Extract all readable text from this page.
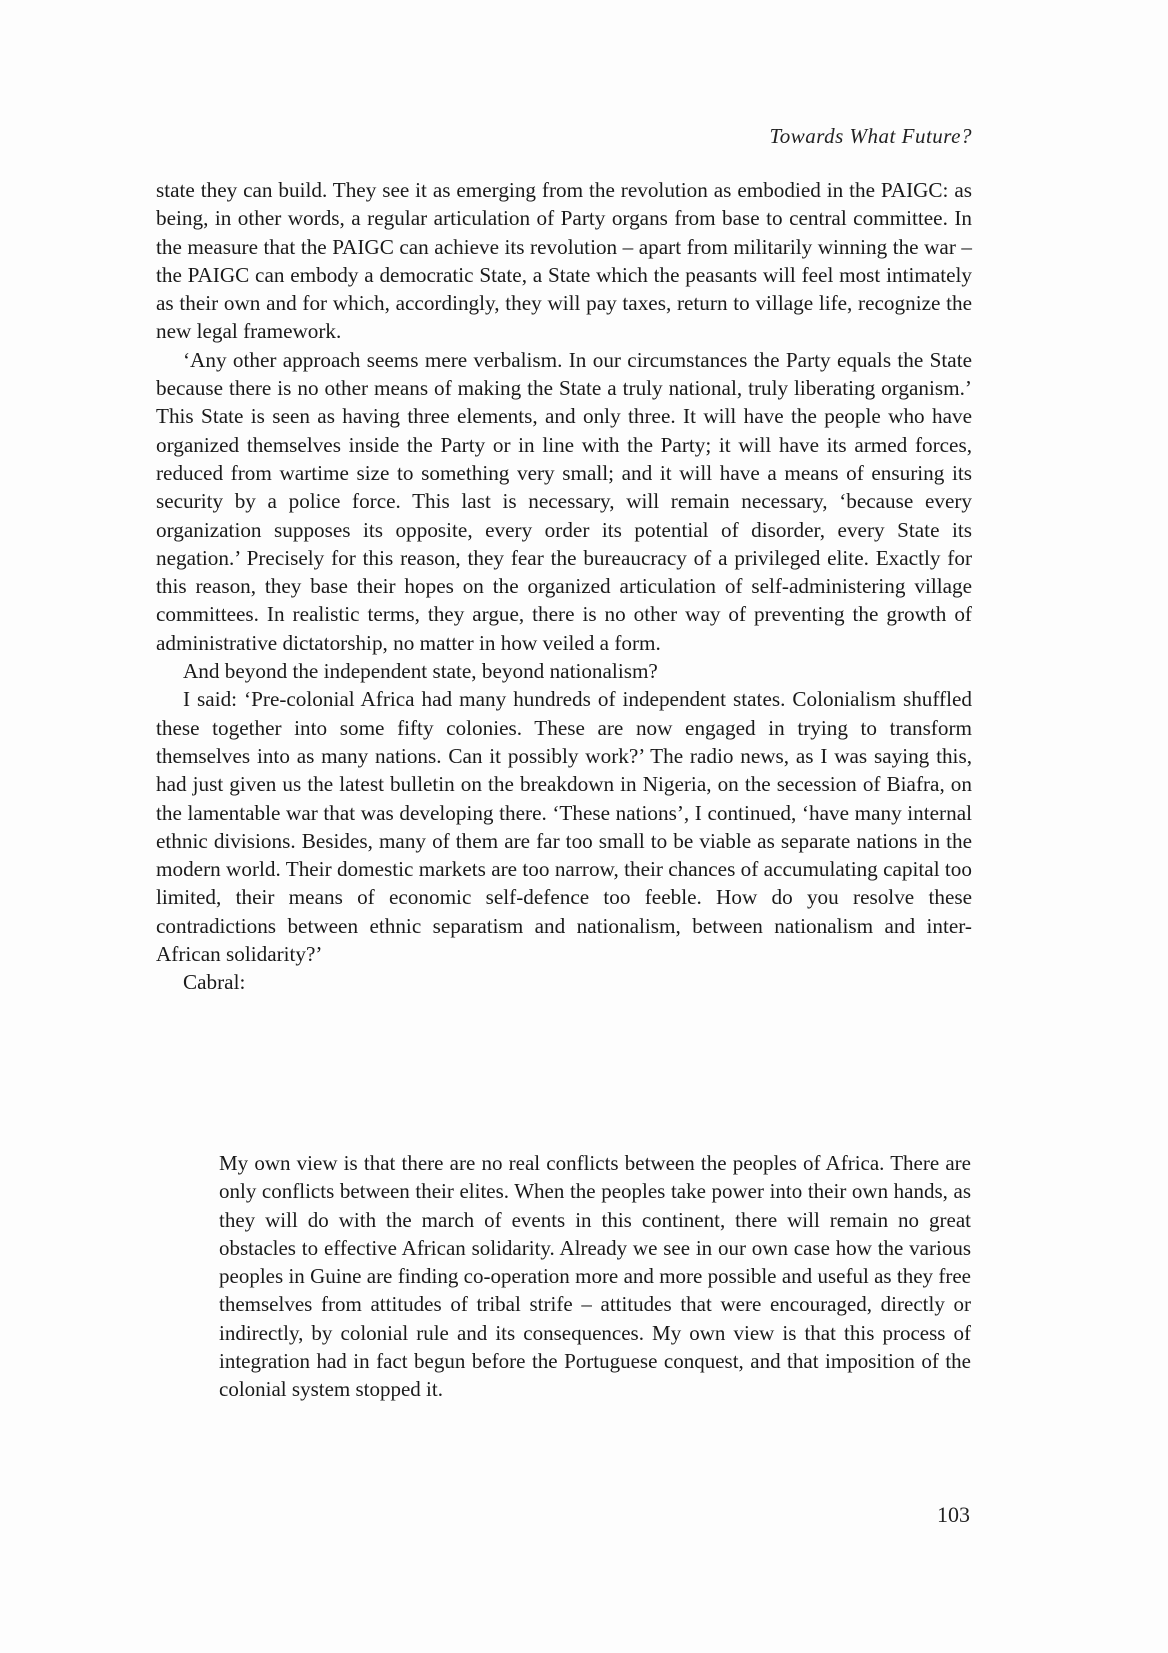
Towards What Future?

state they can build. They see it as emerging from the revolution as embodied in the PAIGC: as being, in other words, a regular articulation of Party organs from base to central committee. In the measure that the PAIGC can achieve its revolution – apart from militarily winning the war – the PAIGC can embody a democratic State, a State which the peasants will feel most intimately as their own and for which, accordingly, they will pay taxes, return to village life, recognize the new legal framework.

‘Any other approach seems mere verbalism. In our circumstances the Party equals the State because there is no other means of making the State a truly national, truly liberating organism.’ This State is seen as having three elements, and only three. It will have the people who have organized themselves inside the Party or in line with the Party; it will have its armed forces, reduced from wartime size to something very small; and it will have a means of ensuring its security by a police force. This last is necessary, will remain necessary, ‘because every organization supposes its opposite, every order its potential of disorder, every State its negation.’ Precisely for this reason, they fear the bureaucracy of a privileged elite. Exactly for this reason, they base their hopes on the organized articulation of self-administering village committees. In realistic terms, they argue, there is no other way of preventing the growth of administrative dictatorship, no matter in how veiled a form.

And beyond the independent state, beyond nationalism?

I said: ‘Pre-colonial Africa had many hundreds of independent states. Colonialism shuffled these together into some fifty colonies. These are now engaged in trying to transform themselves into as many nations. Can it possibly work?’ The radio news, as I was saying this, had just given us the latest bulletin on the breakdown in Nigeria, on the secession of Biafra, on the lamentable war that was developing there. ‘These nations’, I continued, ‘have many internal ethnic divisions. Besides, many of them are far too small to be viable as separate nations in the modern world. Their domestic markets are too narrow, their chances of accumulating capital too limited, their means of economic self-defence too feeble. How do you resolve these contradictions between ethnic separatism and nationalism, between nationalism and inter-African solidarity?’

Cabral:

My own view is that there are no real conflicts between the peoples of Africa. There are only conflicts between their elites. When the peoples take power into their own hands, as they will do with the march of events in this continent, there will remain no great obstacles to effective African solidarity. Already we see in our own case how the various peoples in Guine are finding co-operation more and more possible and useful as they free themselves from attitudes of tribal strife – attitudes that were encouraged, directly or indirectly, by colonial rule and its consequences. My own view is that this process of integration had in fact begun before the Portuguese conquest, and that imposition of the colonial system stopped it.

103
